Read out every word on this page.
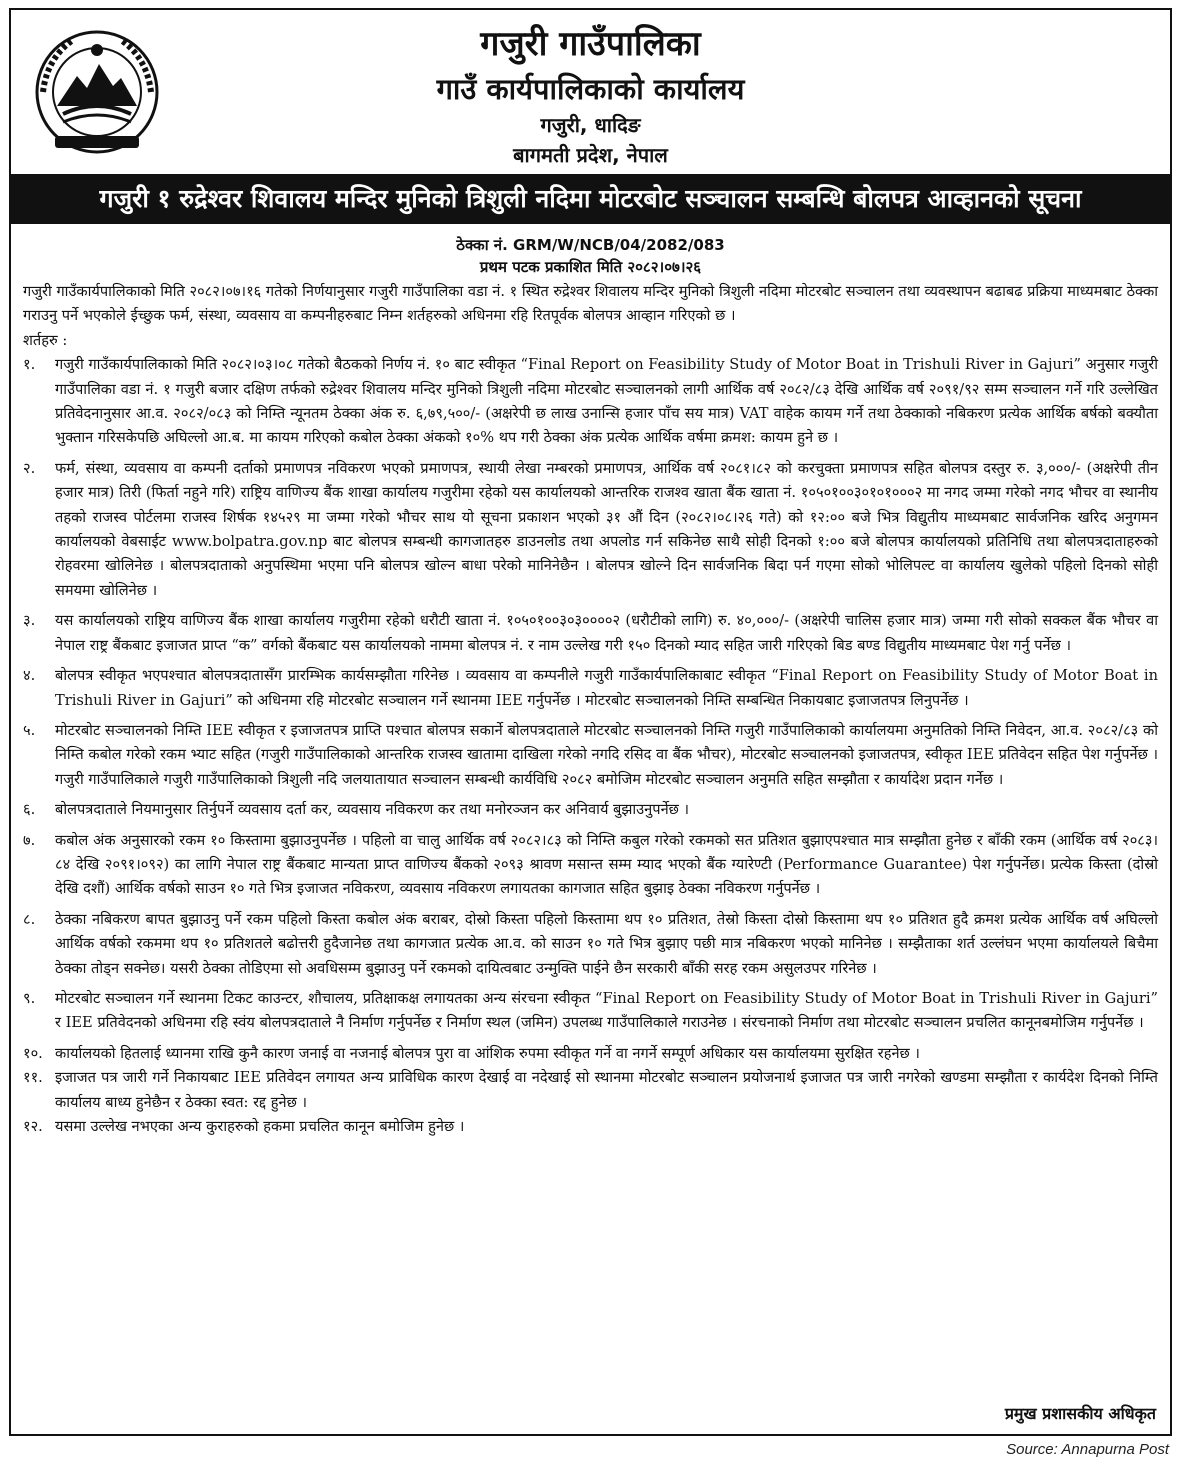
गजुरी गाउँपालिका
गाउँ कार्यपालिकाको कार्यालय
गजुरी, धादिङ
बागमती प्रदेश, नेपाल
गजुरी १ रुद्रेश्वर शिवालय मन्दिर मुनिको त्रिशुली नदिमा मोटरबोट सञ्चालन सम्बन्धि बोलपत्र आव्हानको सूचना
ठेक्का नं. GRM/W/NCB/04/2082/083
प्रथम पटक प्रकाशित मिति २०८२।०७।२६

गजुरी गाउँकार्यपालिकाको मिति २०८२।०७।१६ गतेको निर्णयानुसार गजुरी गाउँपालिका वडा नं. १ स्थित रुद्रेश्वर शिवालय मन्दिर मुनिको त्रिशुली नदिमा मोटरबोट सञ्चालन तथा व्यवस्थापन बढाबढ प्रक्रिया माध्यमबाट ठेक्का गराउनु पर्ने भएकोले ईच्छुक फर्म, संस्था, व्यवसाय वा कम्पनीहरुबाट निम्न शर्तहरुको अधिनमा रहि रितपूर्वक बोलपत्र आव्हान गरिएको छ ।

शर्तहरु :

१.	गजुरी गाउँकार्यपालिकाको मिति २०८२।०३।०८ गतेको बैठकको निर्णय नं. १० बाट स्वीकृत “Final Report on Feasibility Study of Motor Boat in Trishuli River in Gajuri” अनुसार गजुरी गाउँपालिका वडा नं. १ गजुरी बजार दक्षिण तर्फको रुद्रेश्वर शिवालय मन्दिर मुनिको त्रिशुली नदिमा मोटरबोट सञ्चालनको लागी आर्थिक वर्ष २०८२/८३ देखि आर्थिक वर्ष २०९१/९२ सम्म सञ्चालन गर्ने गरि उल्लेखित प्रतिवेदनानुसार आ.व. २०८२/०८३ को निम्ति न्यूनतम ठेक्का अंक रु. ६,७९,५००/- (अक्षरेपी छ लाख उनान्सि हजार पाँच सय मात्र) VAT वाहेक कायम गर्ने तथा ठेक्काको नबिकरण प्रत्येक आर्थिक बर्षको बक्यौता भुक्तान गरिसकेपछि अघिल्लो आ.ब. मा कायम गरिएको कबोल ठेक्का अंकको १०% थप गरी ठेक्का अंक प्रत्येक आर्थिक वर्षमा क्रमश: कायम हुने छ ।
२.	फर्म, संस्था, व्यवसाय वा कम्पनी दर्ताको प्रमाणपत्र नविकरण भएको प्रमाणपत्र, स्थायी लेखा नम्बरको प्रमाणपत्र, आर्थिक वर्ष २०८१।८२ को करचुक्ता प्रमाणपत्र सहित बोलपत्र दस्तुर रु. ३,०००/- (अक्षरेपी तीन हजार मात्र) तिरी (फिर्ता नहुने गरि) राष्ट्रिय वाणिज्य बैंक शाखा कार्यालय गजुरीमा रहेको यस कार्यालयको आन्तरिक राजश्व खाता बैंक खाता नं. १०५०१००३०१०१०००२ मा नगद जम्मा गरेको नगद भौचर वा स्थानीय तहको राजस्व पोर्टलमा राजस्व शिर्षक १४५२९ मा जम्मा गरेको भौचर साथ यो सूचना प्रकाशन भएको ३१ औं दिन (२०८२।०८।२६ गते) को १२:०० बजे भित्र विद्युतीय माध्यमबाट सार्वजनिक खरिद अनुगमन कार्यालयको वेबसाईट www.bolpatra.gov.np बाट बोलपत्र सम्बन्धी कागजातहरु डाउनलोड तथा अपलोड गर्न सकिनेछ साथै सोही दिनको १:०० बजे बोलपत्र कार्यालयको प्रतिनिधि तथा बोलपत्रदाताहरुको रोहवरमा खोलिनेछ । बोलपत्रदाताको अनुपस्थिमा भएमा पनि बोलपत्र खोल्न बाधा परेको मानिनेछैन । बोलपत्र खोल्ने दिन सार्वजनिक बिदा पर्न गएमा सोको भोलिपल्ट वा कार्यालय खुलेको पहिलो दिनको सोही समयमा खोलिनेछ ।
३.	यस कार्यालयको राष्ट्रिय वाणिज्य बैंक शाखा कार्यालय गजुरीमा रहेको धरौटी खाता नं. १०५०१००३०३००००२ (धरौटीको लागि) रु. ४०,०००/- (अक्षरेपी चालिस हजार मात्र) जम्मा गरी सोको सक्कल बैंक भौचर वा नेपाल राष्ट्र बैंकबाट इजाजत प्राप्त “क” वर्गको बैंकबाट यस कार्यालयको नाममा बोलपत्र नं. र नाम उल्लेख गरी १५० दिनको म्याद सहित जारी गरिएको बिड बण्ड विद्युतीय माध्यमबाट पेश गर्नु पर्नेछ ।
४.	बोलपत्र स्वीकृत भएपश्चात बोलपत्रदातासँग प्रारम्भिक कार्यसम्झौता गरिनेछ । व्यवसाय वा कम्पनीले गजुरी गाउँकार्यपालिकाबाट स्वीकृत “Final Report on Feasibility Study of Motor Boat in Trishuli River in Gajuri” को अधिनमा रहि मोटरबोट सञ्चालन गर्ने स्थानमा IEE गर्नुपर्नेछ । मोटरबोट सञ्चालनको निम्ति सम्बन्धित निकायबाट इजाजतपत्र लिनुपर्नेछ ।
५.	मोटरबोट सञ्चालनको निम्ति IEE स्वीकृत र इजाजतपत्र प्राप्ति पश्चात बोलपत्र सकार्ने बोलपत्रदाताले मोटरबोट सञ्चालनको निम्ति गजुरी गाउँपालिकाको कार्यालयमा अनुमतिको निम्ति निवेदन, आ.व. २०८२/८३ को निम्ति कबोल गरेको रकम भ्याट सहित (गजुरी गाउँपालिकाको आन्तरिक राजस्व खातामा दाखिला गरेको नगदि रसिद वा बैंक भौचर), मोटरबोट सञ्चालनको इजाजतपत्र, स्वीकृत IEE प्रतिवेदन सहित पेश गर्नुपर्नेछ । गजुरी गाउँपालिकाले गजुरी गाउँपालिकाको त्रिशुली नदि जलयातायात सञ्चालन सम्बन्धी कार्यविधि २०८२ बमोजिम मोटरबोट सञ्चालन अनुमति सहित सम्झौता र कार्यादेश प्रदान गर्नेछ ।
६.	बोलपत्रदाताले नियमानुसार तिर्नुपर्ने व्यवसाय दर्ता कर, व्यवसाय नविकरण कर तथा मनोरञ्जन कर अनिवार्य बुझाउनुपर्नेछ ।
७.	कबोल अंक अनुसारको रकम १० किस्तामा बुझाउनुपर्नेछ । पहिलो वा चालु आर्थिक वर्ष २०८२।८३ को निम्ति कबुल गरेको रकमको सत प्रतिशत बुझाएपश्चात मात्र सम्झौता हुनेछ र बाँकी रकम (आर्थिक वर्ष २०८३।८४ देखि २०९१।०९२) का लागि नेपाल राष्ट्र बैंकबाट मान्यता प्राप्त वाणिज्य बैंकको २०९३ श्रावण मसान्त सम्म म्याद भएको बैंक ग्यारेण्टी (Performance Guarantee) पेश गर्नुपर्नेछ। प्रत्येक किस्ता (दोस्रो देखि दशौं) आर्थिक वर्षको साउन १० गते भित्र इजाजत नविकरण, व्यवसाय नविकरण लगायतका कागजात सहित बुझाइ ठेक्का नविकरण गर्नुपर्नेछ ।
८.	ठेक्का नबिकरण बापत बुझाउनु पर्ने रकम पहिलो किस्ता कबोल अंक बराबर, दोस्रो किस्ता पहिलो किस्तामा थप १० प्रतिशत, तेस्रो किस्ता दोस्रो किस्तामा थप १० प्रतिशत हुदै क्रमश प्रत्येक आर्थिक वर्ष अघिल्लो आर्थिक वर्षको रकममा थप १० प्रतिशतले बढोत्तरी हुदैजानेछ तथा कागजात प्रत्येक आ.व. को साउन १० गते भित्र बुझाए पछी मात्र नबिकरण भएको मानिनेछ । सम्झैताका शर्त उल्लंघन भएमा कार्यालयले बिचैमा ठेक्का तोड्न सक्नेछ। यसरी ठेक्का तोडिएमा सो अवधिसम्म बुझाउनु पर्ने रकमको दायित्वबाट उन्मुक्ति पाईने छैन सरकारी बाँकी सरह रकम असुलउपर गरिनेछ ।
९.	मोटरबोट सञ्चालन गर्ने स्थानमा टिकट काउन्टर, शौचालय, प्रतिक्षाकक्ष लगायतका अन्य संरचना स्वीकृत “Final Report on Feasibility Study of Motor Boat in Trishuli River in Gajuri” र IEE प्रतिवेदनको अधिनमा रहि स्वंय बोलपत्रदाताले नै निर्माण गर्नुपर्नेछ र निर्माण स्थल (जमिन) उपलब्ध गाउँपालिकाले गराउनेछ । संरचनाको निर्माण तथा मोटरबोट सञ्चालन प्रचलित कानूनबमोजिम गर्नुपर्नेछ ।
१०. कार्यालयको हितलाई ध्यानमा राखि कुनै कारण जनाई वा नजनाई बोलपत्र पुरा वा आंशिक रुपमा स्वीकृत गर्ने वा नगर्ने सम्पूर्ण अधिकार यस कार्यालयमा सुरक्षित रहनेछ ।
११. इजाजत पत्र जारी गर्ने निकायबाट IEE प्रतिवेदन लगायत अन्य प्राविधिक कारण देखाई वा नदेखाई सो स्थानमा मोटरबोट सञ्चालन प्रयोजनार्थ इजाजत पत्र जारी नगरेको खण्डमा सम्झौता र कार्यदेश दिनको निम्ति कार्यालय बाध्य हुनेछैन र ठेक्का स्वत: रद्द हुनेछ ।
१२. यसमा उल्लेख नभएका अन्य कुराहरुको हकमा प्रचलित कानून बमोजिम हुनेछ ।
प्रमुख प्रशासकीय अधिकृत
Source: Annapurna Post
